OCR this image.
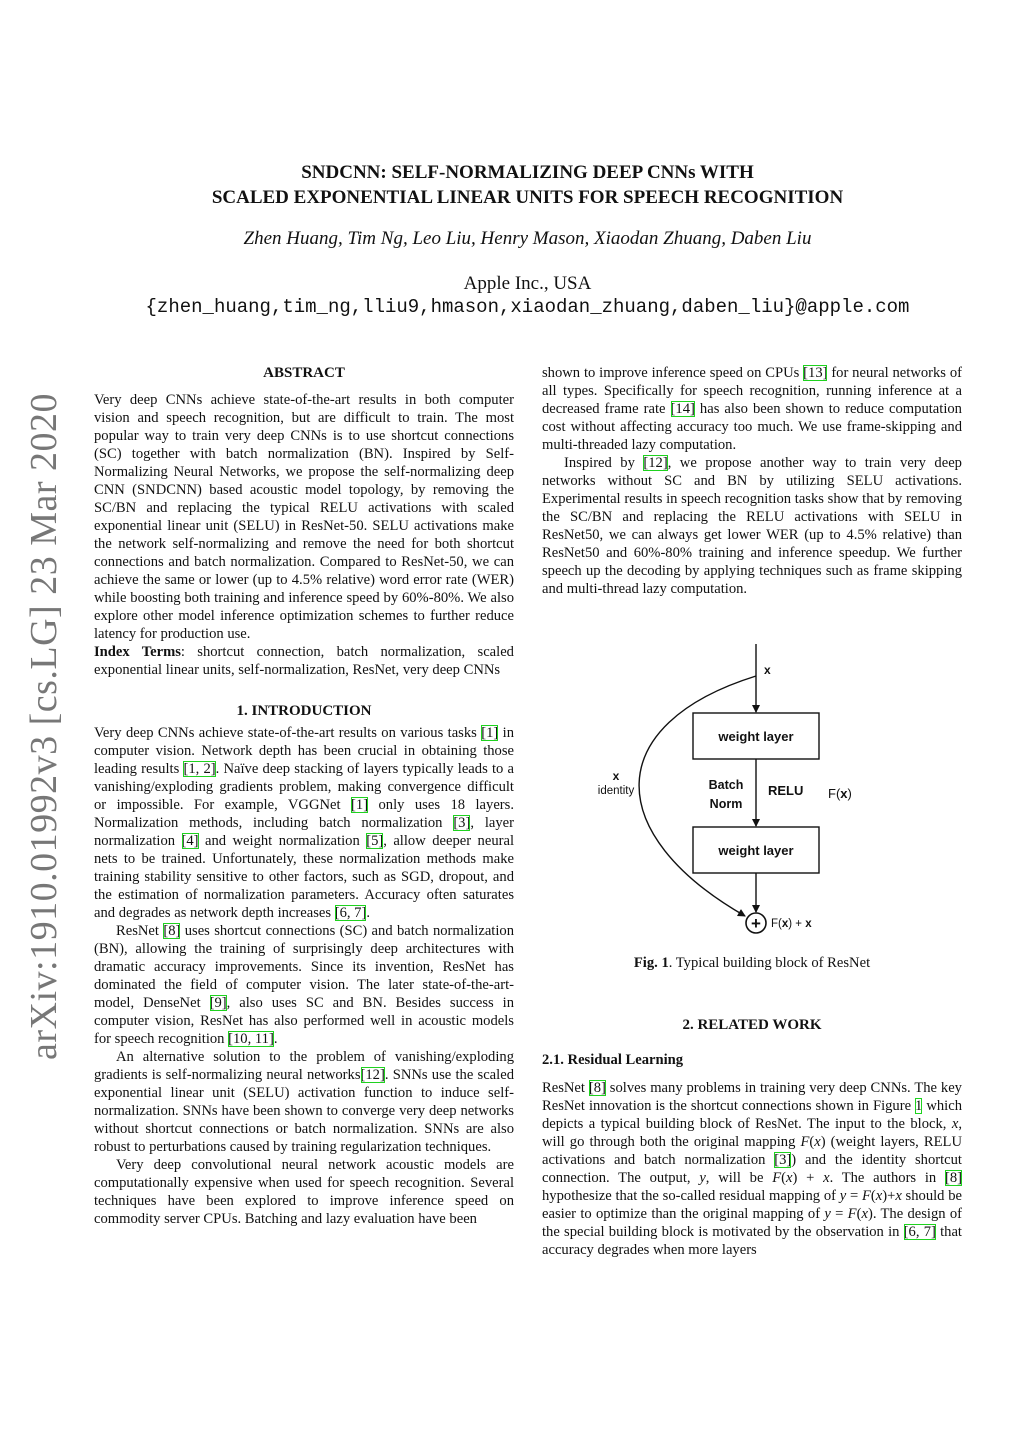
arXiv:1910.01992v3 [cs.LG] 23 Mar 2020
SNDCNN: SELF-NORMALIZING DEEP CNNs WITH
SCALED EXPONENTIAL LINEAR UNITS FOR SPEECH RECOGNITION
Zhen Huang, Tim Ng, Leo Liu, Henry Mason, Xiaodan Zhuang, Daben Liu
Apple Inc., USA
{zhen_huang,tim_ng,lliu9,hmason,xiaodan_zhuang,daben_liu}@apple.com

ABSTRACT

Very deep CNNs achieve state-of-the-art results in both computer vision and speech recognition, but are difficult to train. The most popular way to train very deep CNNs is to use shortcut connections (SC) together with batch normalization (BN). Inspired by Self-Normalizing Neural Networks, we propose the self-normalizing deep CNN (SNDCNN) based acoustic model topology, by removing the SC/BN and replacing the typical RELU activations with scaled exponential linear unit (SELU) in ResNet-50. SELU activations make the network self-normalizing and remove the need for both shortcut connections and batch normalization. Compared to ResNet-50, we can achieve the same or lower (up to 4.5% relative) word error rate (WER) while boosting both training and inference speed by 60%-80%. We also explore other model inference optimization schemes to further reduce latency for production use.

Index Terms: shortcut connection, batch normalization, scaled exponential linear units, self-normalization, ResNet, very deep CNNs

1. INTRODUCTION

Very deep CNNs achieve state-of-the-art results on various tasks [1] in computer vision. Network depth has been crucial in obtaining those leading results [1, 2]. Naïve deep stacking of layers typically leads to a vanishing/exploding gradients problem, making convergence difficult or impossible. For example, VGGNet [1] only uses 18 layers. Normalization methods, including batch normalization [3], layer normalization [4] and weight normalization [5], allow deeper neural nets to be trained. Unfortunately, these normalization methods make training stability sensitive to other factors, such as SGD, dropout, and the estimation of normalization parameters. Accuracy often saturates and degrades as network depth increases [6, 7].

ResNet [8] uses shortcut connections (SC) and batch normalization (BN), allowing the training of surprisingly deep architectures with dramatic accuracy improvements. Since its invention, ResNet has dominated the field of computer vision. The later state-of-the-art-model, DenseNet [9], also uses SC and BN. Besides success in computer vision, ResNet has also performed well in acoustic models for speech recognition [10, 11].

An alternative solution to the problem of vanishing/exploding gradients is self-normalizing neural networks[12]. SNNs use the scaled exponential linear unit (SELU) activation function to induce self-normalization. SNNs have been shown to converge very deep networks without shortcut connections or batch normalization. SNNs are also robust to perturbations caused by training regularization techniques.

Very deep convolutional neural network acoustic models are computationally expensive when used for speech recognition. Several techniques have been explored to improve inference speed on commodity server CPUs. Batching and lazy evaluation have been

shown to improve inference speed on CPUs [13] for neural networks of all types. Specifically for speech recognition, running inference at a decreased frame rate [14] has also been shown to reduce computation cost without affecting accuracy too much. We use frame-skipping and multi-threaded lazy computation.

Inspired by [12], we propose another way to train very deep networks without SC and BN by utilizing SELU activations. Experimental results in speech recognition tasks show that by removing the SC/BN and replacing the RELU activations with SELU in ResNet50, we can always get lower WER (up to 4.5% relative) than ResNet50 and 60%-80% training and inference speedup. We further speech up the decoding by applying techniques such as frame skipping and multi-thread lazy computation.

x
weight layer
Batch
Norm
RELU F(x)
weight layer
x
identity
+ F(x) + x

Fig. 1. Typical building block of ResNet

2. RELATED WORK

2.1. Residual Learning

ResNet [8] solves many problems in training very deep CNNs. The key ResNet innovation is the shortcut connections shown in Figure 1 which depicts a typical building block of ResNet. The input to the block, x, will go through both the original mapping F(x) (weight layers, RELU activations and batch normalization [3]) and the identity shortcut connection. The output, y, will be F(x) + x. The authors in [8] hypothesize that the so-called residual mapping of y = F(x)+x should be easier to optimize than the original mapping of y = F(x). The design of the special building block is motivated by the observation in [6, 7] that accuracy degrades when more layers
